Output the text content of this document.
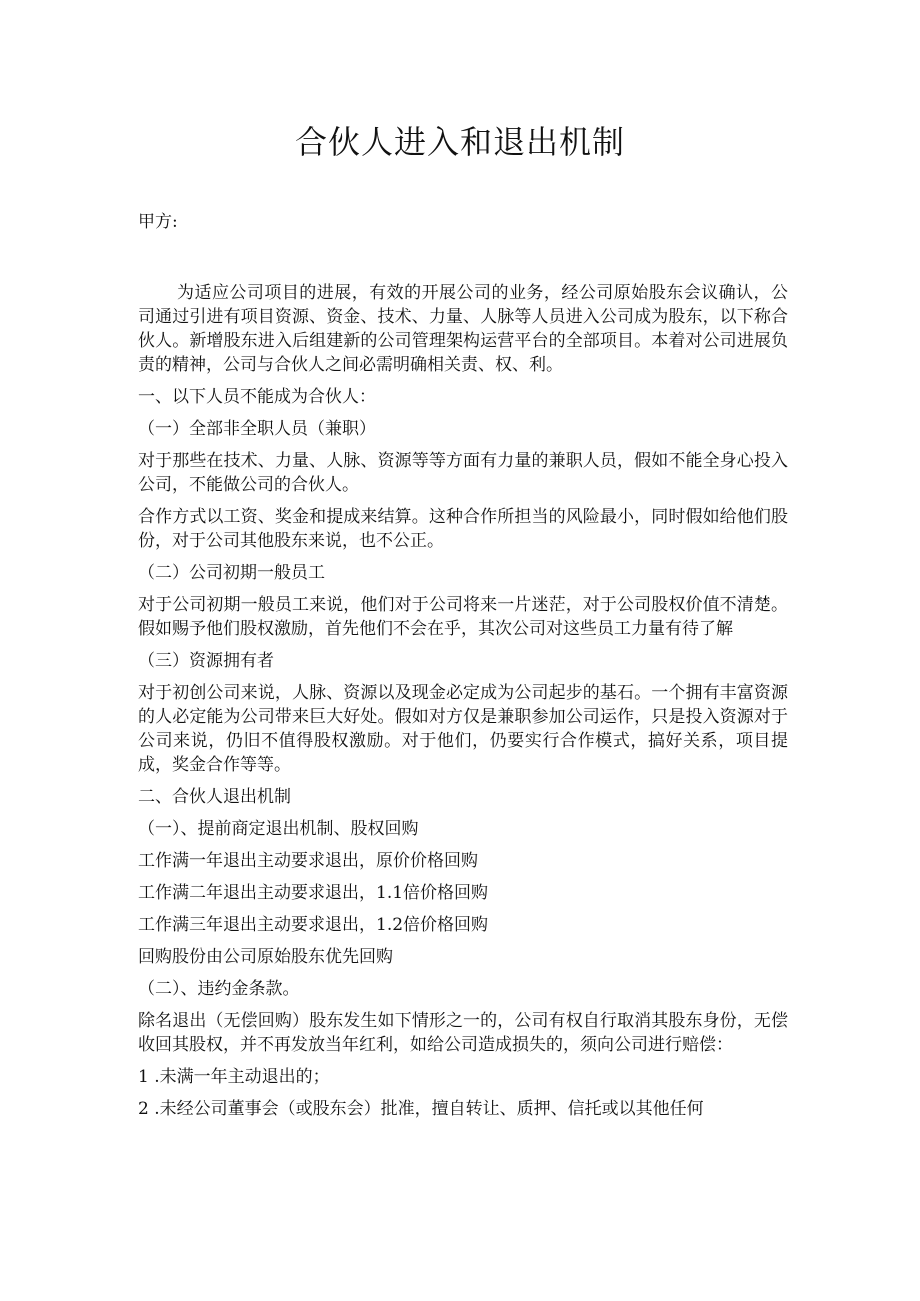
合伙人进入和退出机制

甲方:

为适应公司项目的进展，有效的开展公司的业务，经公司原始股东会议确认，公司通过引进有项目资源、资金、技术、力量、人脉等人员进入公司成为股东，以下称合伙人。新增股东进入后组建新的公司管理架构运营平台的全部项目。本着对公司进展负责的精神，公司与合伙人之间必需明确相关责、权、利。

一、以下人员不能成为合伙人：

（一）全部非全职人员（兼职）

对于那些在技术、力量、人脉、资源等等方面有力量的兼职人员，假如不能全身心投入公司，不能做公司的合伙人。

合作方式以工资、奖金和提成来结算。这种合作所担当的风险最小，同时假如给他们股份，对于公司其他股东来说，也不公正。

（二）公司初期一般员工

对于公司初期一般员工来说，他们对于公司将来一片迷茫，对于公司股权价值不清楚。假如赐予他们股权激励，首先他们不会在乎，其次公司对这些员工力量有待了解

（三）资源拥有者

对于初创公司来说，人脉、资源以及现金必定成为公司起步的基石。一个拥有丰富资源的人必定能为公司带来巨大好处。假如对方仅是兼职参加公司运作，只是投入资源对于公司来说，仍旧不值得股权激励。对于他们，仍要实行合作模式，搞好关系，项目提成，奖金合作等等。

二、合伙人退出机制

（一）、提前商定退出机制、股权回购

工作满一年退出主动要求退出，原价价格回购

工作满二年退出主动要求退出，1.1倍价格回购

工作满三年退出主动要求退出，1.2倍价格回购

回购股份由公司原始股东优先回购

（二）、违约金条款。

除名退出（无偿回购）股东发生如下情形之一的，公司有权自行取消其股东身份，无偿收回其股权，并不再发放当年红利，如给公司造成损失的，须向公司进行赔偿：

1 .未满一年主动退出的；

2 .未经公司董事会（或股东会）批准，擅自转让、质押、信托或以其他任何
